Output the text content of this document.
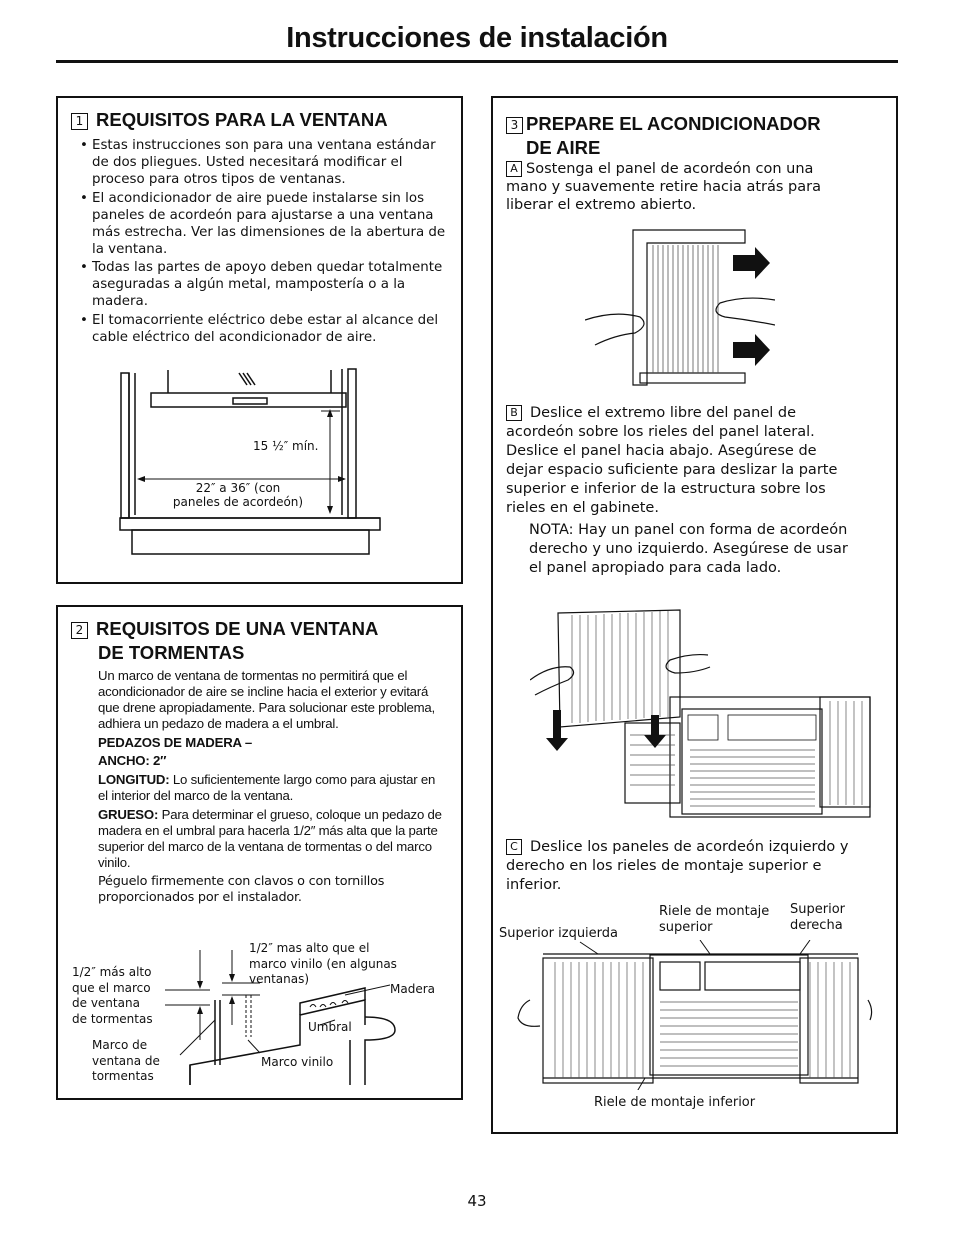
Instrucciones de instalación
1 REQUISITOS PARA LA VENTANA
• Estas instrucciones son para una ventana estándar de dos pliegues. Usted necesitará modificar el proceso para otros tipos de ventanas.
• El acondicionador de aire puede instalarse sin los paneles de acordeón para ajustarse a una ventana más estrecha. Ver las dimensiones de la abertura de la ventana.
• Todas las partes de apoyo deben quedar totalmente aseguradas a algún metal, mampostería o a la madera.
• El tomacorriente eléctrico debe estar al alcance del cable eléctrico del acondicionador de aire.
15 ½″ mín.
22″ a 36″ (con
paneles de acordeón)
2 REQUISITOS DE UNA VENTANA
DE TORMENTAS

Un marco de ventana de tormentas no permitirá que el acondicionador de aire se incline hacia el exterior y evitará que drene apropiadamente. Para solucionar este problema, adhiera un pedazo de madera a el umbral.

PEDAZOS DE MADERA –

ANCHO: 2″

LONGITUD: Lo suficientemente largo como para ajustar en el interior del marco de la ventana.

GRUESO: Para determinar el grueso, coloque un pedazo de madera en el umbral para hacerla 1/2″ más alta que la parte superior del marco de la ventana de tormentas o del marco vinilo.

Péguelo firmemente con clavos o con tornillos proporcionados por el instalador.

1/2″ más alto
que el marco
de ventana
de tormentas
1/2″ mas alto que el
marco vinilo (en algunas
ventanas)
Madera
Umbral
Marco de
ventana de
tormentas
Marco vinilo
3 PREPARE EL ACONDICIONADOR
DE AIRE
A Sostenga el panel de acordeón con una mano y suavemente retire hacia atrás para liberar el extremo abierto.
B Deslice el extremo libre del panel de acordeón sobre los rieles del panel lateral. Deslice el panel hacia abajo. Asegúrese de dejar espacio suficiente para deslizar la parte superior e inferior de la estructura sobre los rieles en el gabinete.
NOTA: Hay un panel con forma de acordeón derecho y uno izquierdo. Asegúrese de usar el panel apropiado para cada lado.
C Deslice los paneles de acordeón izquierdo y derecho en los rieles de montaje superior e inferior.
Superior izquierda
Riele de montaje
superior
Superior
derecha
Riele de montaje inferior
43
